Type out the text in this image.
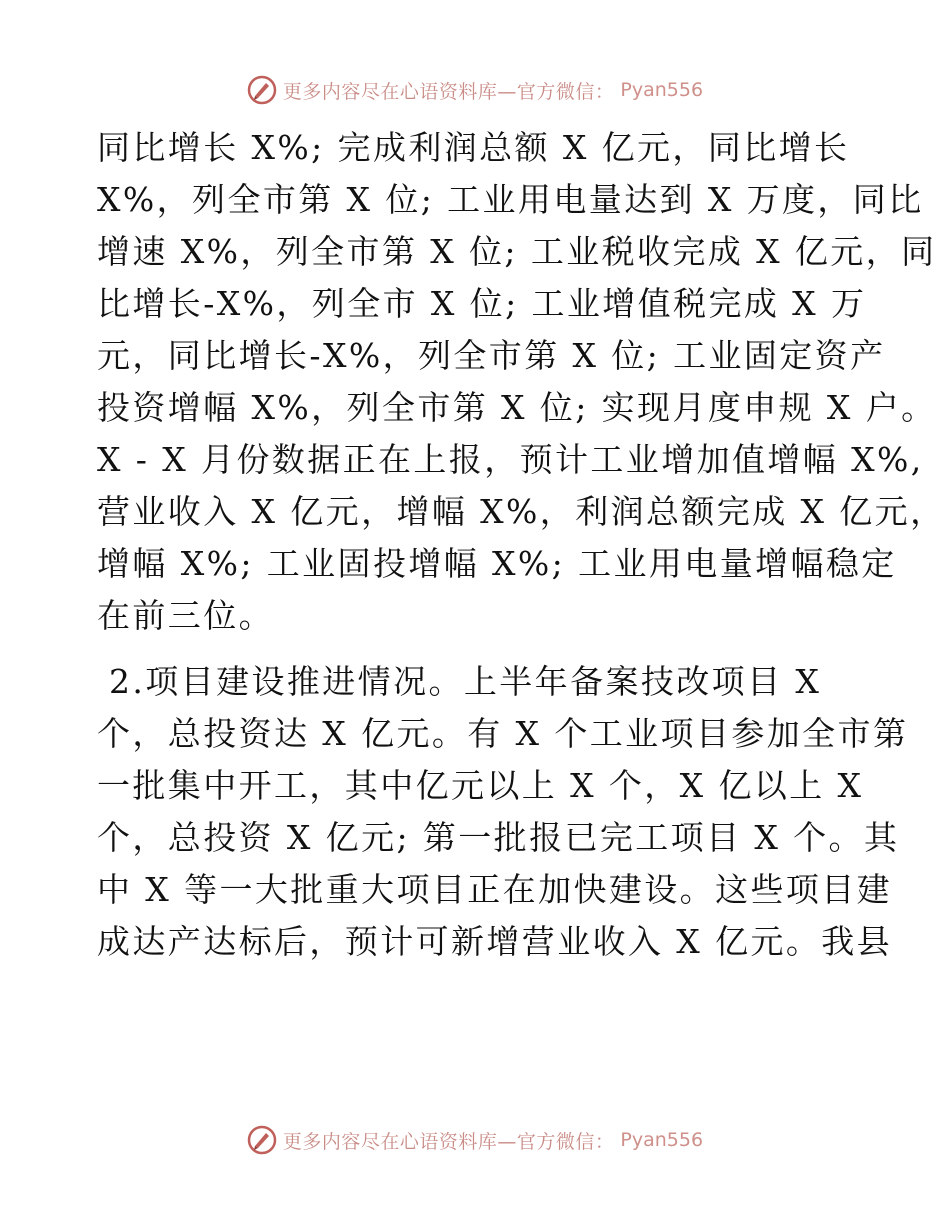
更多内容尽在心语资料库—官方微信： Pyan556
同比增长 X%; 完成利润总额 X 亿元，同比增长
X%，列全市第 X 位; 工业用电量达到 X 万度，同比
增速 X%，列全市第 X 位; 工业税收完成 X 亿元，同
比增长-X%，列全市 X 位; 工业增值税完成 X 万
元，同比增长-X%，列全市第 X 位; 工业固定资产
投资增幅 X%，列全市第 X 位; 实现月度申规 X 户。
X - X 月份数据正在上报，预计工业增加值增幅 X%,
营业收入 X 亿元，增幅 X%，利润总额完成 X 亿元，
增幅 X%; 工业固投增幅 X%; 工业用电量增幅稳定
在前三位。
2.项目建设推进情况。上半年备案技改项目 X
个，总投资达 X 亿元。有 X 个工业项目参加全市第
一批集中开工，其中亿元以上 X 个，X 亿以上 X
个，总投资 X 亿元; 第一批报已完工项目 X 个。其
中 X 等一大批重大项目正在加快建设。这些项目建
成达产达标后，预计可新增营业收入 X 亿元。我县
更多内容尽在心语资料库—官方微信： Pyan556
